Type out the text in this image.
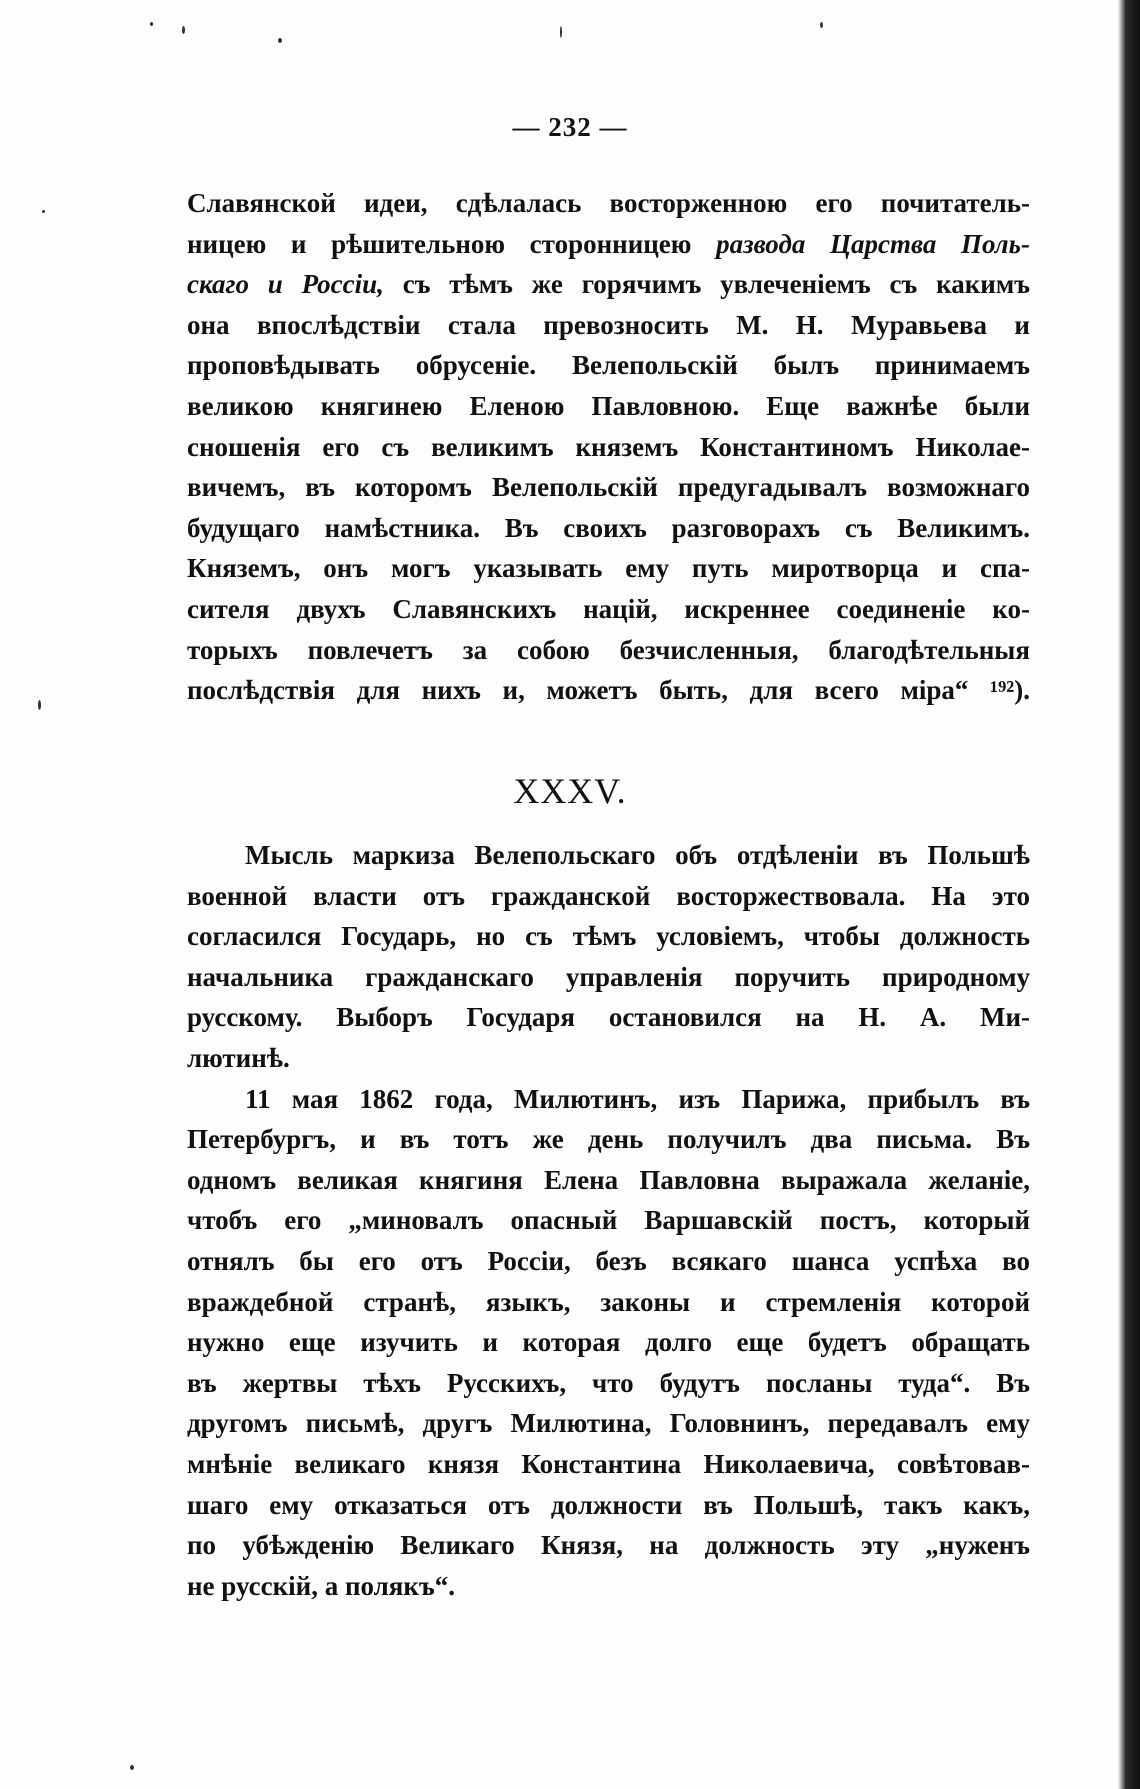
— 232 —
Славянской идеи, сдѣлалась восторженною его почитатель-
ницею и рѣшительною сторонницею развода Царства Поль-
скаго и Россіи, съ тѣмъ же горячимъ увлеченіемъ съ какимъ
она впослѣдствіи стала превозносить М. Н. Муравьева и
проповѣдывать обрусеніе. Велепольскій былъ принимаемъ
великою княгинею Еленою Павловною. Еще важнѣе были
сношенія его съ великимъ княземъ Константиномъ Николае-
вичемъ, въ которомъ Велепольскій предугадывалъ возможнаго
будущаго намѣстника. Въ своихъ разговорахъ съ Великимъ.
Княземъ, онъ могъ указывать ему путь миротворца и спа-
сителя двухъ Славянскихъ націй, искреннее соединеніе ко-
торыхъ повлечетъ за собою безчисленныя, благодѣтельныя
послѣдствія для нихъ и, можетъ быть, для всего міра“ ¹⁹²).
XXXV.
Мысль маркиза Велепольскаго объ отдѣленіи въ Польшѣ
военной власти отъ гражданской восторжествовала. На это
согласился Государь, но съ тѣмъ условіемъ, чтобы должность
начальника гражданскаго управленія поручить природному
русскому. Выборъ Государя остановился на Н. А. Ми-
лютинѣ.
11 мая 1862 года, Милютинъ, изъ Парижа, прибылъ въ
Петербургъ, и въ тотъ же день получилъ два письма. Въ
одномъ великая княгиня Елена Павловна выражала желаніе,
чтобъ его „миновалъ опасный Варшавскій постъ, который
отнялъ бы его отъ Россіи, безъ всякаго шанса успѣха во
враждебной странѣ, языкъ, законы и стремленія которой
нужно еще изучить и которая долго еще будетъ обращать
въ жертвы тѣхъ Русскихъ, что будутъ посланы туда“. Въ
другомъ письмѣ, другъ Милютина, Головнинъ, передавалъ ему
мнѣніе великаго князя Константина Николаевича, совѣтовав-
шаго ему отказаться отъ должности въ Польшѣ, такъ какъ,
по убѣжденію Великаго Князя, на должность эту „нуженъ
не русскій, а полякъ“.
